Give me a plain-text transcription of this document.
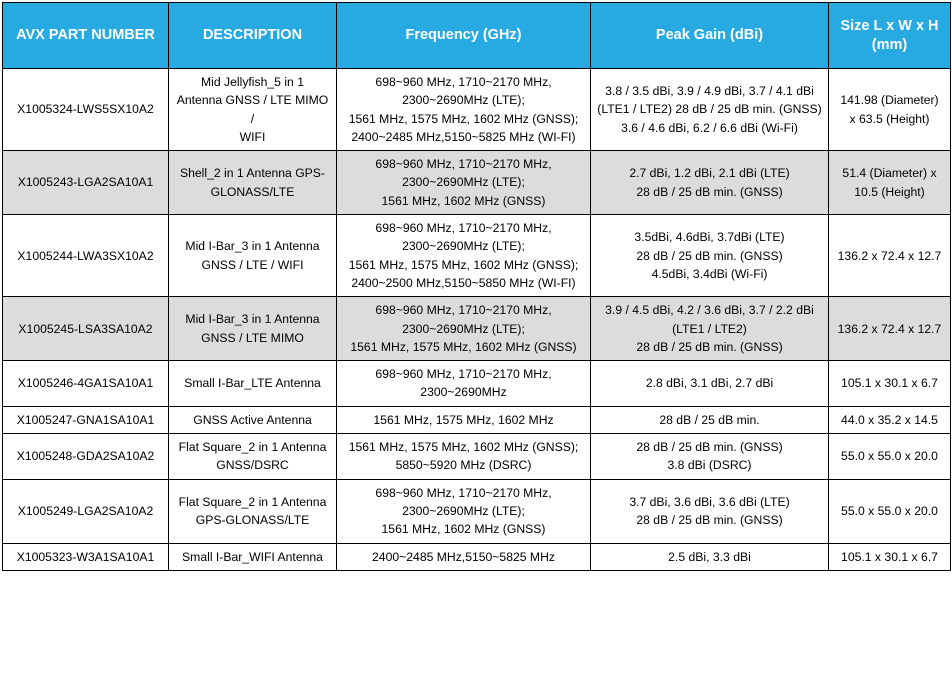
AVX PART NUMBER	DESCRIPTION	Frequency (GHz)	Peak Gain (dBi)	Size L x W x H (mm)
X1005324-LWS5SX10A2	Mid Jellyfish_5 in 1
Antenna GNSS / LTE MIMO /
WIFI	698~960 MHz, 1710~2170 MHz,
2300~2690MHz (LTE);
1561 MHz, 1575 MHz, 1602 MHz (GNSS);
2400~2485 MHz,5150~5825 MHz (WI-FI)	3.8 / 3.5 dBi, 3.9 / 4.9 dBi, 3.7 / 4.1 dBi
(LTE1 / LTE2) 28 dB / 25 dB min. (GNSS)
3.6 / 4.6 dBi, 6.2 / 6.6 dBi (Wi-Fi)	141.98 (Diameter)
x 63.5 (Height)

X1005243-LGA2SA10A1	Shell_2 in 1 Antenna GPS-
GLONASS/LTE	698~960 MHz, 1710~2170 MHz,
2300~2690MHz (LTE);
1561 MHz, 1602 MHz (GNSS)	2.7 dBi, 1.2 dBi, 2.1 dBi (LTE)
28 dB / 25 dB min. (GNSS)	51.4 (Diameter) x
10.5 (Height)

X1005244-LWA3SX10A2	Mid I-Bar_3 in 1 Antenna
GNSS / LTE / WIFI	698~960 MHz, 1710~2170 MHz,
2300~2690MHz (LTE);
1561 MHz, 1575 MHz, 1602 MHz (GNSS);
2400~2500 MHz,5150~5850 MHz (WI-FI)	3.5dBi, 4.6dBi, 3.7dBi (LTE)
28 dB / 25 dB min. (GNSS)
4.5dBi, 3.4dBi (Wi-Fi)	136.2 x 72.4 x 12.7

X1005245-LSA3SA10A2	Mid I-Bar_3 in 1 Antenna
GNSS / LTE MIMO	698~960 MHz, 1710~2170 MHz,
2300~2690MHz (LTE);
1561 MHz, 1575 MHz, 1602 MHz (GNSS)	3.9 / 4.5 dBi, 4.2 / 3.6 dBi, 3.7 / 2.2 dBi
(LTE1 / LTE2)
28 dB / 25 dB min. (GNSS)	136.2 x 72.4 x 12.7

X1005246-4GA1SA10A1	Small I-Bar_LTE Antenna	698~960 MHz, 1710~2170 MHz,
2300~2690MHz	2.8 dBi, 3.1 dBi, 2.7 dBi	105.1 x 30.1 x 6.7

X1005247-GNA1SA10A1	GNSS Active Antenna	1561 MHz, 1575 MHz, 1602 MHz	28 dB / 25 dB min.	44.0 x 35.2 x 14.5

X1005248-GDA2SA10A2	Flat Square_2 in 1 Antenna
GNSS/DSRC	1561 MHz, 1575 MHz, 1602 MHz (GNSS);
5850~5920 MHz (DSRC)	28 dB / 25 dB min. (GNSS)
3.8 dBi (DSRC)	55.0 x 55.0 x 20.0

X1005249-LGA2SA10A2	Flat Square_2 in 1 Antenna
GPS-GLONASS/LTE	698~960 MHz, 1710~2170 MHz,
2300~2690MHz (LTE);
1561 MHz, 1602 MHz (GNSS)	3.7 dBi, 3.6 dBi, 3.6 dBi (LTE)
28 dB / 25 dB min. (GNSS)	55.0 x 55.0 x 20.0

X1005323-W3A1SA10A1	Small I-Bar_WIFI Antenna	2400~2485 MHz,5150~5825 MHz	2.5 dBi, 3.3 dBi	105.1 x 30.1 x 6.7
